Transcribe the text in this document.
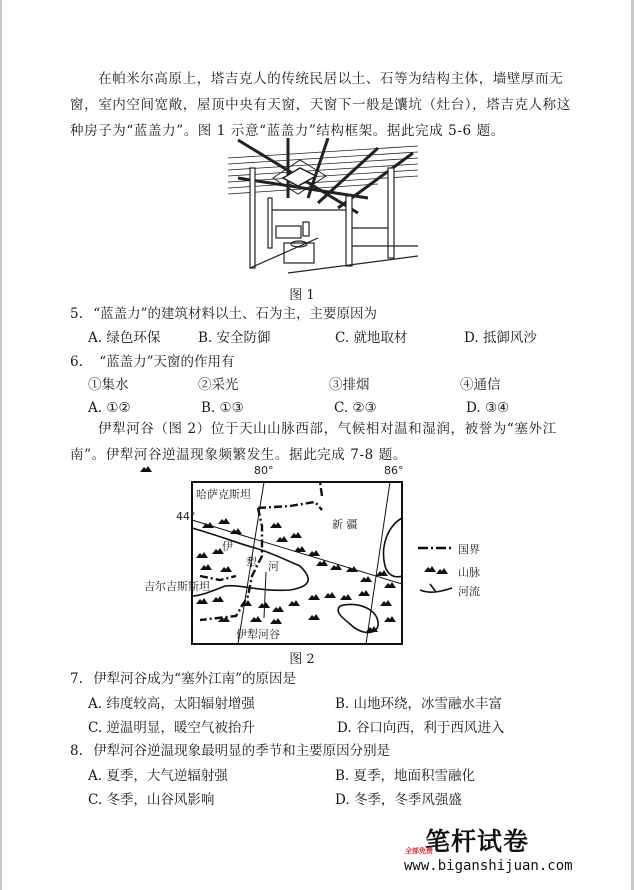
在帕米尔高原上，塔吉克人的传统民居以土、石等为结构主体，墙壁厚而无窗，室内空间宽敞，屋顶中央有天窗，天窗下一般是馕坑（灶台），塔吉克人称这种房子为“蓝盖力”。图 1 示意“蓝盖力”结构框架。据此完成 5-6 题。
图 1
5. “蓝盖力”的建筑材料以土、石为主，主要原因为
A. 绿色环保	B. 安全防御	C. 就地取材	D. 抵御风沙
6. “蓝盖力”天窗的作用有
①集水	②采光	③排烟	④通信
A. ①②	B. ①③	C. ②③	D. ③④
伊犁河谷（图 2）位于天山山脉西部，气候相对温和湿润，被誉为“塞外江南”。伊犁河谷逆温现象频繁发生。据此完成 7-8 题。
80°	86°
44°
哈萨克斯坦
新 疆
伊
犁 河
吉尔吉斯斯坦
伊犁河谷
国界
山脉
河流
图 2
7. 伊犁河谷成为“塞外江南”的原因是
A. 纬度较高，太阳辐射增强	B. 山地环绕，冰雪融水丰富
C. 逆温明显，暖空气被抬升	D. 谷口向西，利于西风进入
8. 伊犁河谷逆温现象最明显的季节和主要原因分别是
A. 夏季，大气逆辐射强	B. 夏季，地面积雪融化
C. 冬季，山谷风影响	D. 冬季，冬季风强盛
笔杆试卷
全部免费
www.biganshijuan.com
